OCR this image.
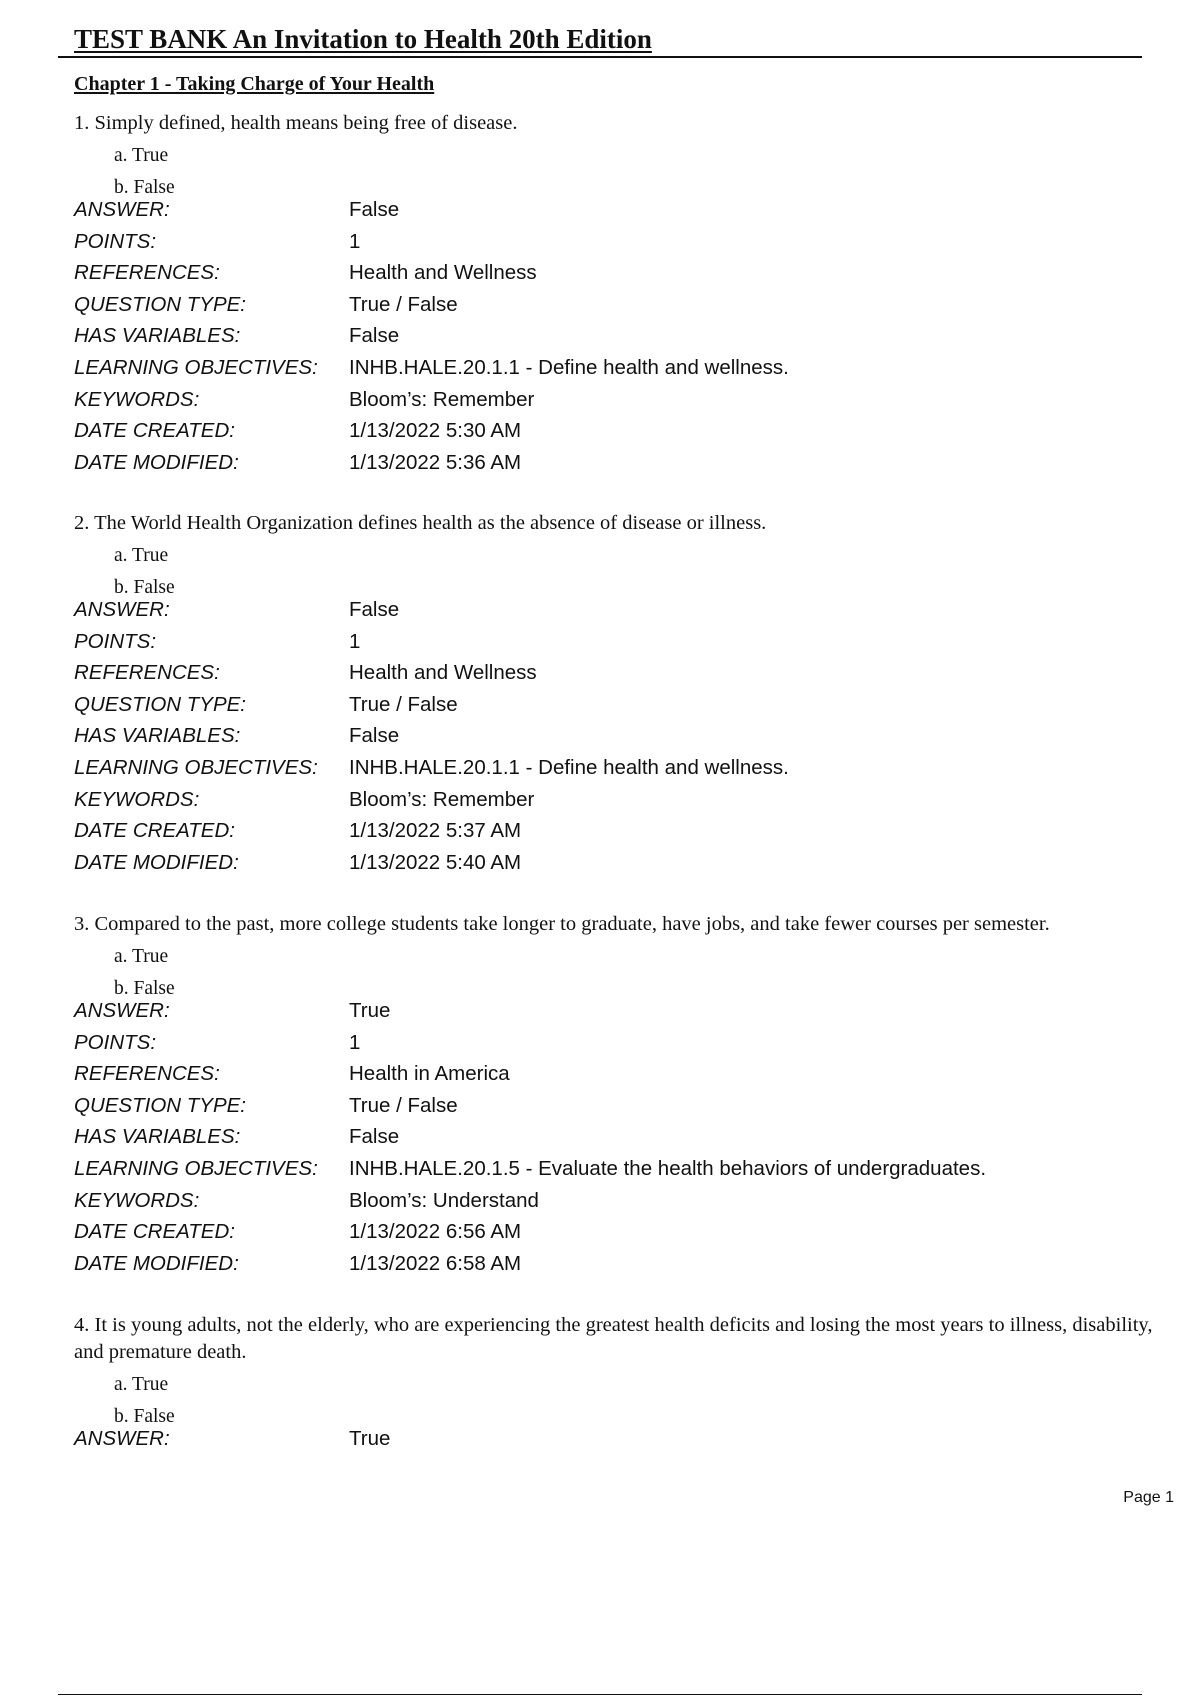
TEST BANK An Invitation to Health 20th Edition
Chapter 1 - Taking Charge of Your Health

1. Simply defined, health means being free of disease.

a. True
b. False
ANSWER:	False
POINTS:	1
REFERENCES:	Health and Wellness
QUESTION TYPE:	True / False
HAS VARIABLES:	False
LEARNING OBJECTIVES: INHB.HALE.20.1.1 - Define health and wellness.
KEYWORDS:	Bloom’s: Remember
DATE CREATED:	1/13/2022 5:30 AM
DATE MODIFIED:	1/13/2022 5:36 AM

2. The World Health Organization defines health as the absence of disease or illness.

a. True
b. False
ANSWER:	False
POINTS:	1
REFERENCES:	Health and Wellness
QUESTION TYPE:	True / False
HAS VARIABLES:	False
LEARNING OBJECTIVES: INHB.HALE.20.1.1 - Define health and wellness.
KEYWORDS:	Bloom’s: Remember
DATE CREATED:	1/13/2022 5:37 AM
DATE MODIFIED:	1/13/2022 5:40 AM

3. Compared to the past, more college students take longer to graduate, have jobs, and take fewer courses per semester.

a. True
b. False
ANSWER:	True
POINTS:	1
REFERENCES:	Health in America
QUESTION TYPE:	True / False
HAS VARIABLES:	False
LEARNING OBJECTIVES: INHB.HALE.20.1.5 - Evaluate the health behaviors of undergraduates.
KEYWORDS:	Bloom’s: Understand
DATE CREATED:	1/13/2022 6:56 AM
DATE MODIFIED:	1/13/2022 6:58 AM

4. It is young adults, not the elderly, who are experiencing the greatest health deficits and losing the most years to illness, disability, and premature death.

a. True
b. False
ANSWER:	True
Page 1
